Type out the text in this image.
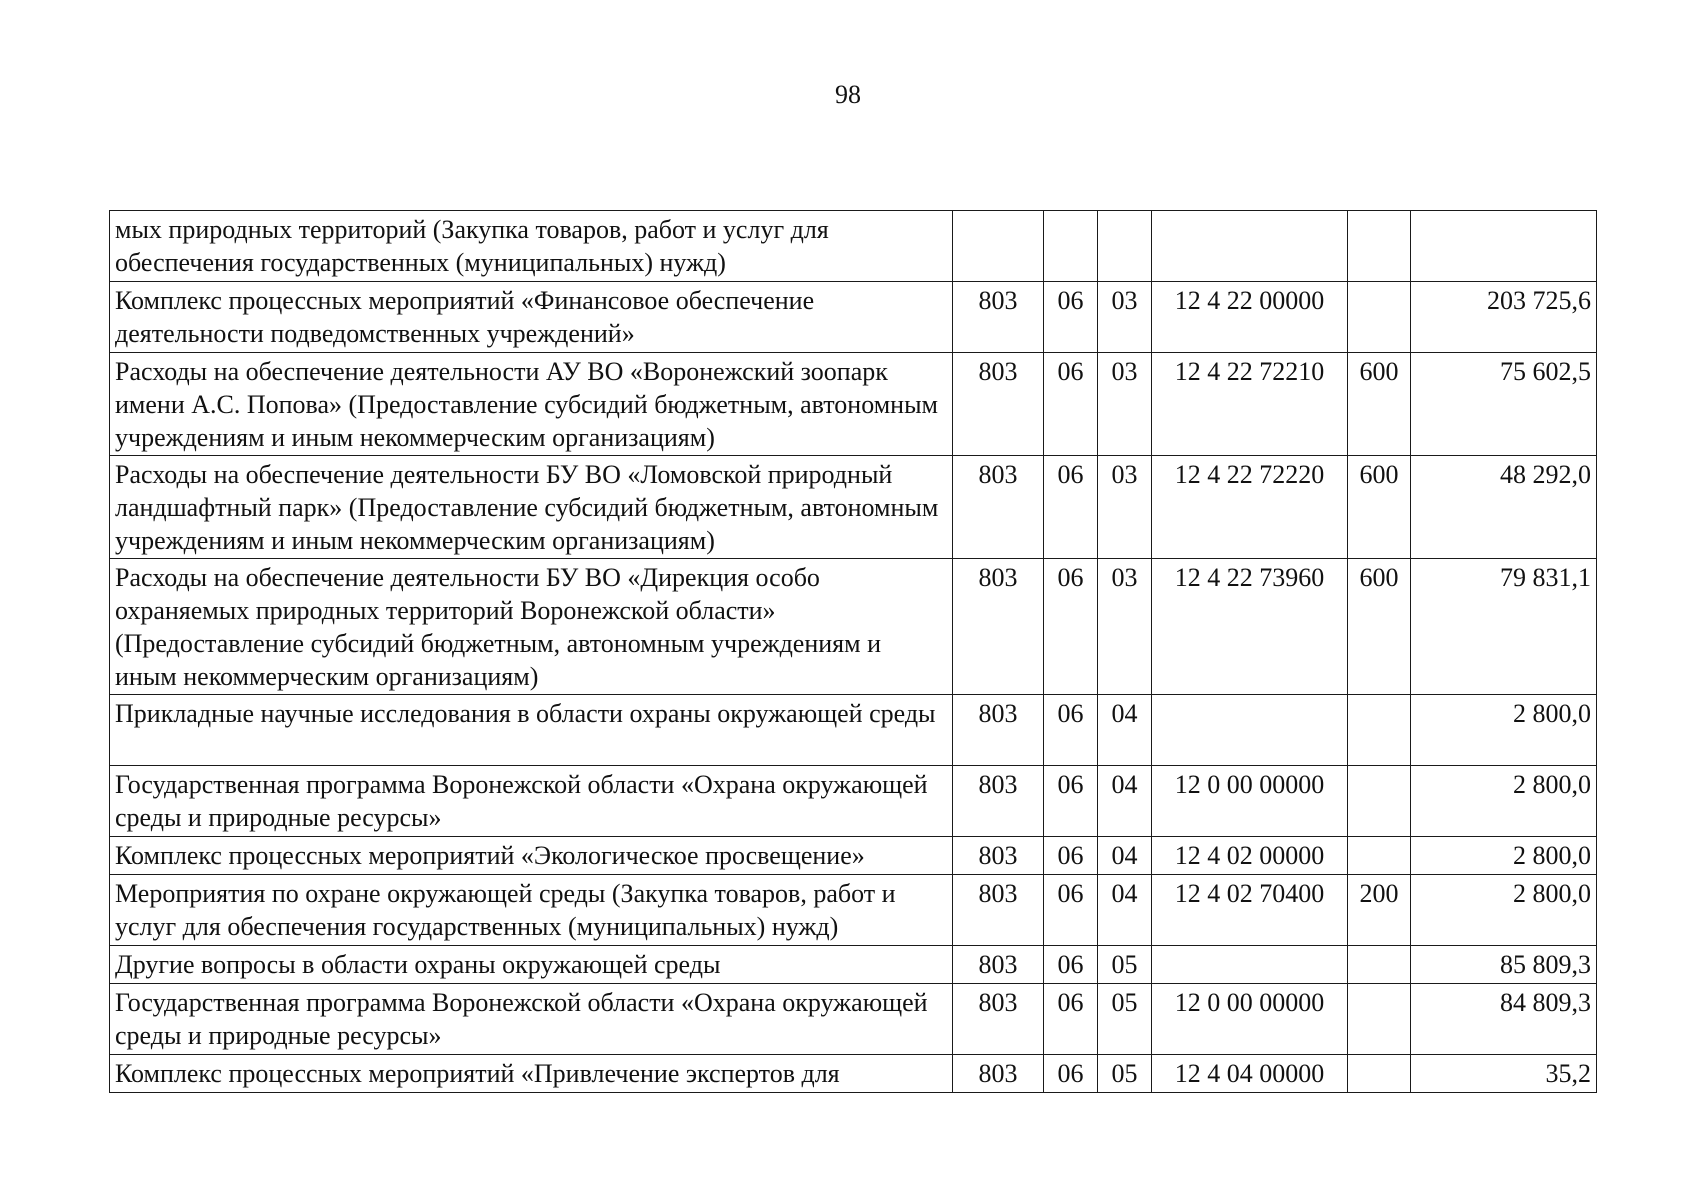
98
мых природных территорий (Закупка товаров, работ и услуг для обеспечения государственных (муниципальных) нужд)						
Комплекс процессных мероприятий «Финансовое обеспечение деятельности подведомственных учреждений»	803	06	03	12 4 22 00000		203 725,6
Расходы на обеспечение деятельности АУ ВО «Воронежский зоопарк имени А.С. Попова» (Предоставление субсидий бюджетным, автономным учреждениям и иным некоммерческим организациям)	803	06	03	12 4 22 72210	600	75 602,5
Расходы на обеспечение деятельности БУ ВО «Ломовской природный ландшафтный парк» (Предоставление субсидий бюджетным, автономным учреждениям и иным некоммерческим организациям)	803	06	03	12 4 22 72220	600	48 292,0
Расходы на обеспечение деятельности БУ ВО «Дирекция особо охраняемых природных территорий Воронежской области» (Предоставление субсидий бюджетным, автономным учреждениям и иным некоммерческим организациям)	803	06	03	12 4 22 73960	600	79 831,1
Прикладные научные исследования в области охраны окружающей среды	803	06	04			2 800,0
Государственная программа Воронежской области «Охрана окружающей среды и природные ресурсы»	803	06	04	12 0 00 00000		2 800,0
Комплекс процессных мероприятий «Экологическое просвещение»	803	06	04	12 4 02 00000		2 800,0
Мероприятия по охране окружающей среды (Закупка товаров, работ и услуг для обеспечения государственных (муниципальных) нужд)	803	06	04	12 4 02 70400	200	2 800,0
Другие вопросы в области охраны окружающей среды	803	06	05			85 809,3
Государственная программа Воронежской области «Охрана окружающей среды и природные ресурсы»	803	06	05	12 0 00 00000		84 809,3
Комплекс процессных мероприятий «Привлечение экспертов для	803	06	05	12 4 04 00000		35,2
